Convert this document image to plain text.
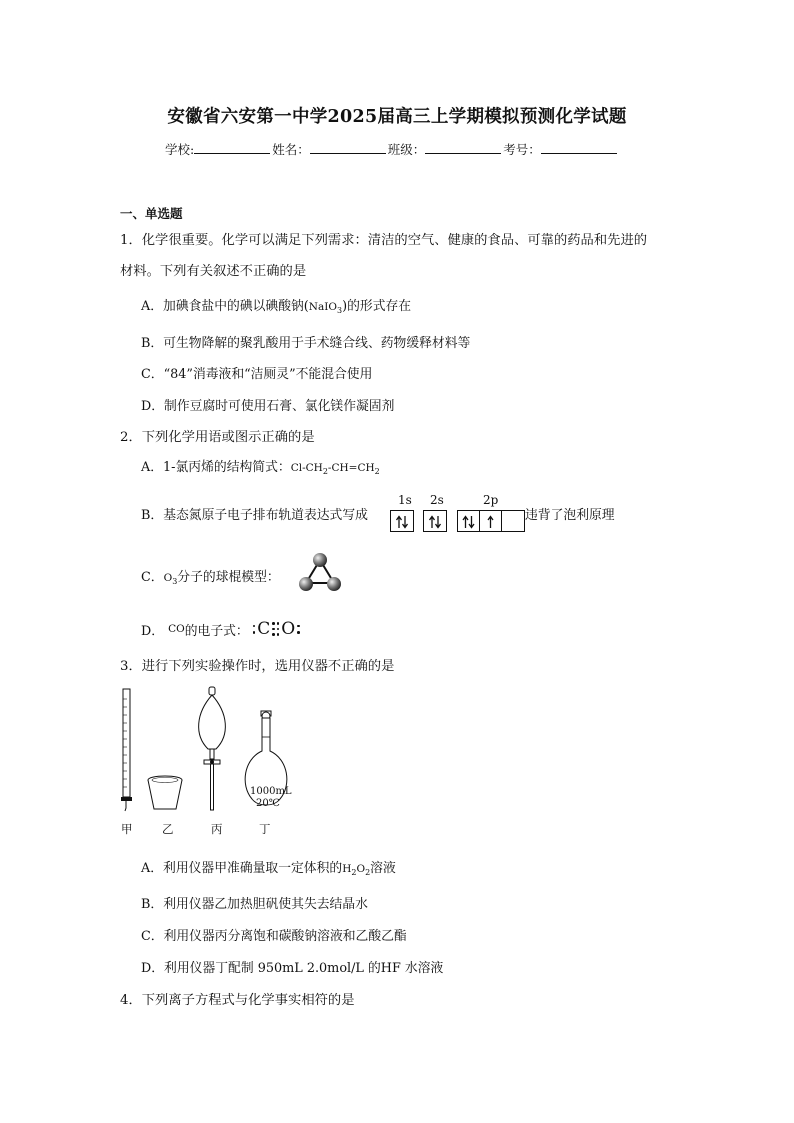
安徽省六安第一中学2025届高三上学期模拟预测化学试题
学校:	姓名：	班级：	考号：
一、单选题
1．化学很重要。化学可以满足下列需求：清洁的空气、健康的食品、可靠的药品和先进的
材料。下列有关叙述不正确的是
A．加碘食盐中的碘以碘酸钠(NaIO$_3$)的形式存在
B．可生物降解的聚乳酸用于手术缝合线、药物缓释材料等
C．“84”消毒液和“洁厕灵”不能混合使用
D．制作豆腐时可使用石膏、氯化镁作凝固剂
2．下列化学用语或图示正确的是
A．1-氯丙烯的结构简式：$Cl-CH_2-CH=CH_2$
B．基态氮原子电子排布轨道表达式写成
1s 2s	2p
违背了泡利原理
C．$O_3$分子的球棍模型：
D． CO 的电子式： C O
3．进行下列实验操作时，选用仪器不正确的是
1000mL
20℃
甲	乙	丙	丁
A．利用仪器甲准确量取一定体积的$H_2O_2$溶液
B．利用仪器乙加热胆矾使其失去结晶水
C．利用仪器丙分离饱和碳酸钠溶液和乙酸乙酯
D．利用仪器丁配制 950mL 2.0mol/L 的HF 水溶液
4．下列离子方程式与化学事实相符的是
